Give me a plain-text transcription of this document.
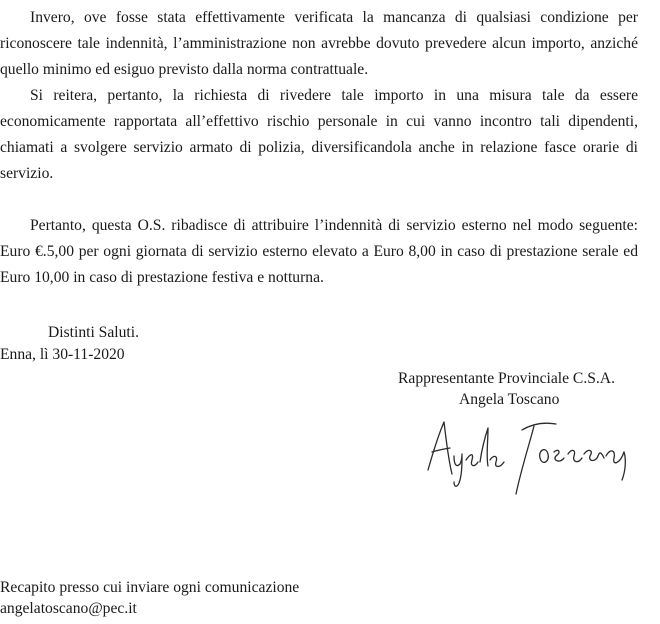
Invero, ove fosse stata effettivamente verificata la mancanza di qualsiasi condizione per riconoscere tale indennità, l’amministrazione non avrebbe dovuto prevedere alcun importo, anziché quello minimo ed esiguo previsto dalla norma contrattuale.

Si reitera, pertanto, la richiesta di rivedere tale importo in una misura tale da essere economicamente rapportata all’effettivo rischio personale in cui vanno incontro tali dipendenti, chiamati a svolgere servizio armato di polizia, diversificandola anche in relazione fasce orarie di servizio.

Pertanto, questa O.S. ribadisce di attribuire l’indennità di servizio esterno nel modo seguente: Euro €.5,00 per ogni giornata di servizio esterno elevato a Euro 8,00 in caso di prestazione serale ed Euro 10,00 in caso di prestazione festiva e notturna.

Distinti Saluti.
Enna, lì 30-11-2020
Rappresentante Provinciale C.S.A.
Angela Toscano
Recapito presso cui inviare ogni comunicazione
angelatoscano@pec.it
